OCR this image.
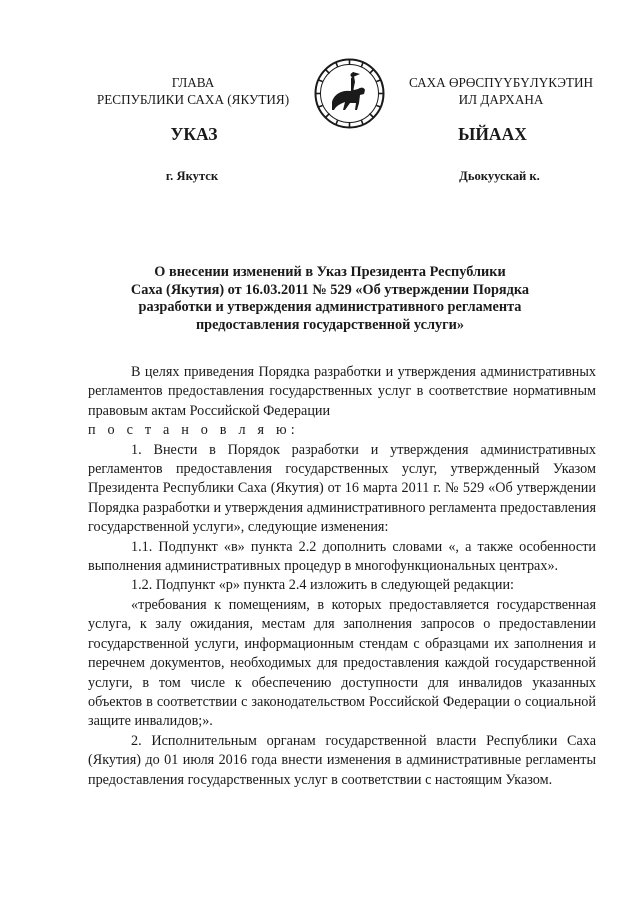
ГЛАВА
РЕСПУБЛИКИ САХА (ЯКУТИЯ)
САХА ӨРӨСПҮҮБҮЛҮКЭТИН
ИЛ ДАРХАНА
УКАЗ	ЫЙААХ
г. Якутск	Дьокуускай к.
О внесении изменений в Указ Президента Республики
Саха (Якутия) от 16.03.2011 № 529 «Об утверждении Порядка
разработки и утверждения административного регламента
предоставления государственной услуги»

В целях приведения Порядка разработки и утверждения административных регламентов предоставления государственных услуг в соответствие нормативным правовым актам Российской Федерации

п о с т а н о в л я ю:

1. Внести в Порядок разработки и утверждения административных регламентов предоставления государственных услуг, утвержденный Указом Президента Республики Саха (Якутия) от 16 марта 2011 г. № 529 «Об утверждении Порядка разработки и утверждения административного регламента предоставления государственной услуги», следующие изменения:

1.1. Подпункт «в» пункта 2.2 дополнить словами «, а также особенности выполнения административных процедур в многофункциональных центрах».

1.2. Подпункт «р» пункта 2.4 изложить в следующей редакции:

«требования к помещениям, в которых предоставляется государственная услуга, к залу ожидания, местам для заполнения запросов о предоставлении государственной услуги, информационным стендам с образцами их заполнения и перечнем документов, необходимых для предоставления каждой государственной услуги, в том числе к обеспечению доступности для инвалидов указанных объектов в соответствии с законодательством Российской Федерации о социальной защите инвалидов;».

2. Исполнительным органам государственной власти Республики Саха (Якутия) до 01 июля 2016 года внести изменения в административные регламенты предоставления государственных услуг в соответствии с настоящим Указом.
